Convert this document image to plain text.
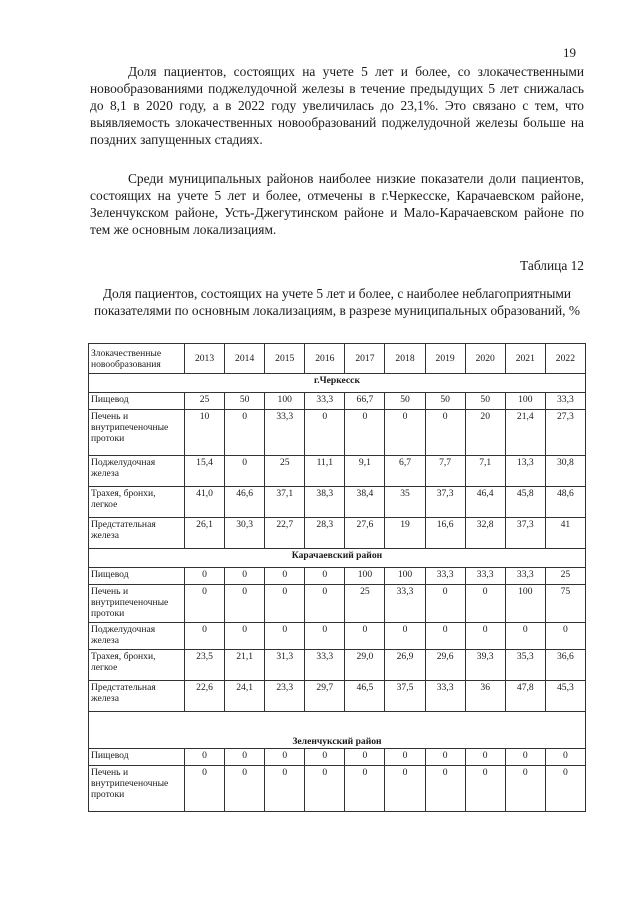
19

Доля пациентов, состоящих на учете 5 лет и более, со злокачественными новообразованиями поджелудочной железы в течение предыдущих 5 лет снижалась до 8,1 в 2020 году, а в 2022 году увеличилась до 23,1%. Это связано с тем, что выявляемость злокачественных новообразований поджелудочной железы больше на поздних запущенных стадиях.

Среди муниципальных районов наиболее низкие показатели доли пациентов, состоящих на учете 5 лет и более, отмечены в г.Черкесске, Карачаевском районе, Зеленчукском районе, Усть-Джегутинском районе и Мало-Карачаевском районе по тем же основным локализациям.

Таблица 12

Доля пациентов, состоящих на учете 5 лет и более, с наиболее неблагоприятными показателями по основным локализациям, в разрезе муниципальных образований, %

Злокачественные новообразования	2013	2014	2015	2016	2017	2018	2019	2020	2021	2022
г.Черкесск										
Пищевод	25	50	100	33,3	66,7	50	50	50	100	33,3
Печень и внутрипеченочные протоки	10	0	33,3	0	0	0	0	20	21,4	27,3
Поджелудочная железа	15,4	0	25	11,1	9,1	6,7	7,7	7,1	13,3	30,8
Трахея, бронхи, легкое	41,0	46,6	37,1	38,3	38,4	35	37,3	46,4	45,8	48,6
Предстательная железа	26,1	30,3	22,7	28,3	27,6	19	16,6	32,8	37,3	41
Карачаевский район										
Пищевод	0	0	0	0	100	100	33,3	33,3	33,3	25
Печень и внутрипеченочные протоки	0	0	0	0	25	33,3	0	0	100	75
Поджелудочная железа	0	0	0	0	0	0	0	0	0	0
Трахея, бронхи, легкое	23,5	21,1	31,3	33,3	29,0	26,9	29,6	39,3	35,3	36,6
Предстательная железа	22,6	24,1	23,3	29,7	46,5	37,5	33,3	36	47,8	45,3
Зеленчукский район										
Пищевод	0	0	0	0	0	0	0	0	0	0
Печень и внутрипеченочные протоки	0	0	0	0	0	0	0	0	0	0
